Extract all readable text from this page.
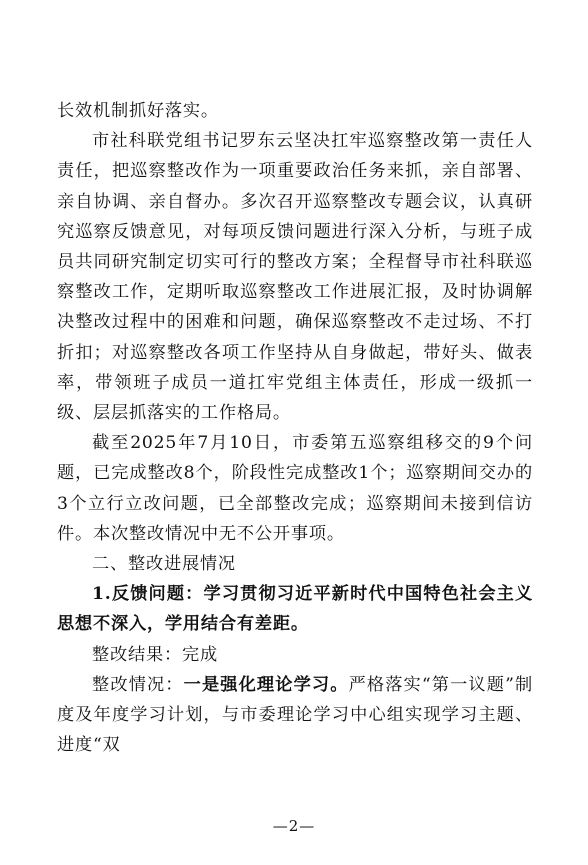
长效机制抓好落实。

市社科联党组书记罗东云坚决扛牢巡察整改第一责任人责任，把巡察整改作为一项重要政治任务来抓，亲自部署、亲自协调、亲自督办。多次召开巡察整改专题会议，认真研究巡察反馈意见，对每项反馈问题进行深入分析，与班子成员共同研究制定切实可行的整改方案；全程督导市社科联巡察整改工作，定期听取巡察整改工作进展汇报，及时协调解决整改过程中的困难和问题，确保巡察整改不走过场、不打折扣；对巡察整改各项工作坚持从自身做起，带好头、做表率，带领班子成员一道扛牢党组主体责任，形成一级抓一级、层层抓落实的工作格局。

截至2025年7月10日，市委第五巡察组移交的9个问题，已完成整改8个，阶段性完成整改1个；巡察期间交办的3个立行立改问题，已全部整改完成；巡察期间未接到信访件。本次整改情况中无不公开事项。

二、整改进展情况

1.反馈问题：学习贯彻习近平新时代中国特色社会主义思想不深入，学用结合有差距。

整改结果：完成

整改情况：一是强化理论学习。严格落实“第一议题”制度及年度学习计划，与市委理论学习中心组实现学习主题、进度“双

—2—
